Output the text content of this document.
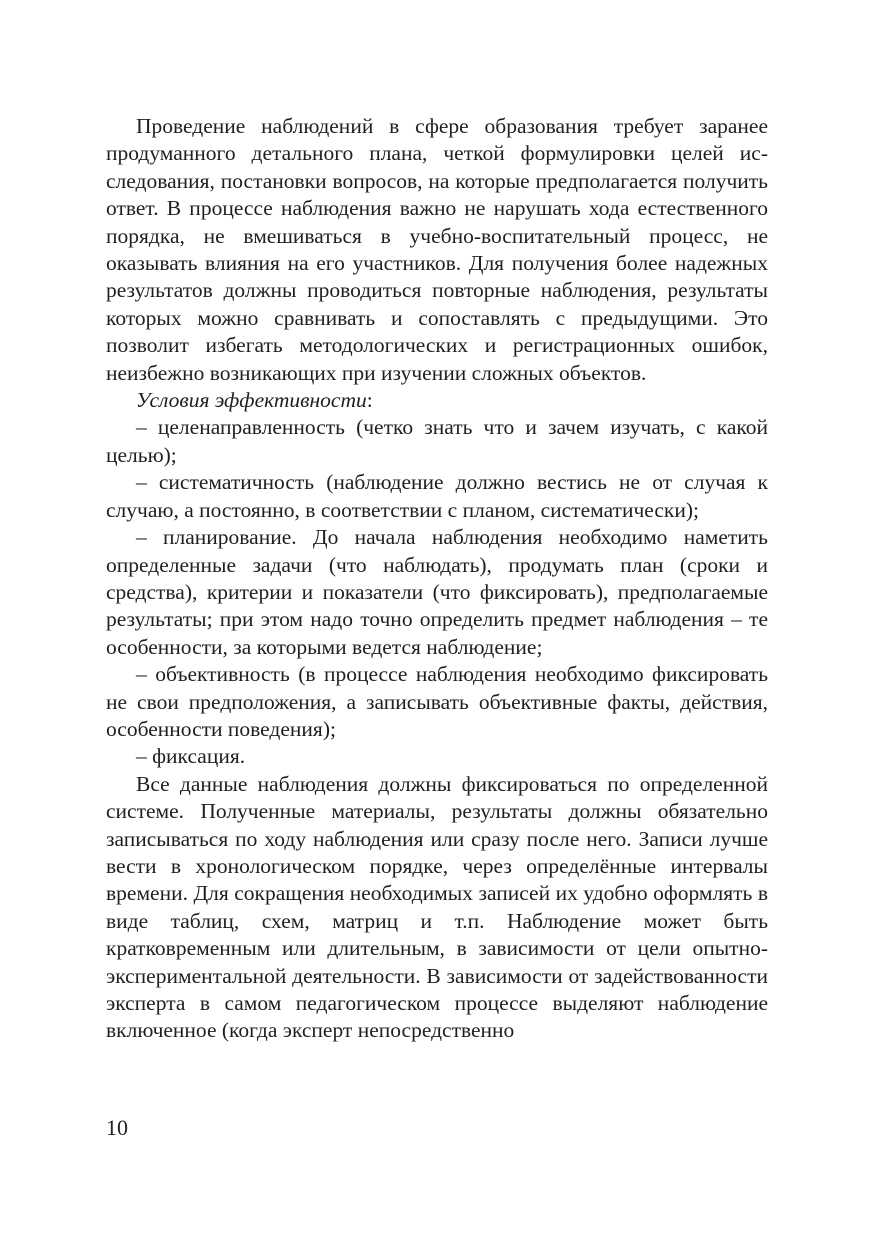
Проведение наблюдений в сфере образования требует заранее продуманного детального плана, четкой формулировки целей исследования, постановки вопросов, на которые предполагается получить ответ. В процессе наблюдения важно не нарушать хода естественного порядка, не вмешиваться в учебно-воспитательный процесс, не оказывать влияния на его участников. Для получения более надежных результатов должны проводиться повторные наблюдения, результаты которых можно сравнивать и сопоставлять с предыдущими. Это позволит избегать методологических и регистрационных ошибок, неизбежно возникающих при изучении сложных объектов.

Условия эффективности:

– целенаправленность (четко знать что и зачем изучать, с какой целью);

– систематичность (наблюдение должно вестись не от случая к случаю, а постоянно, в соответствии с планом, систематически);

– планирование. До начала наблюдения необходимо наметить определенные задачи (что наблюдать), продумать план (сроки и средства), критерии и показатели (что фиксировать), предполагаемые результаты; при этом надо точно определить предмет наблюдения – те особенности, за которыми ведется наблюдение;

– объективность (в процессе наблюдения необходимо фиксировать не свои предположения, а записывать объективные факты, действия, особенности поведения);

– фиксация.

Все данные наблюдения должны фиксироваться по определенной системе. Полученные материалы, результаты должны обязательно записываться по ходу наблюдения или сразу после него. Записи лучше вести в хронологическом порядке, через определённые интервалы времени. Для сокращения необходимых записей их удобно оформлять в виде таблиц, схем, матриц и т.п. Наблюдение может быть кратковременным или длительным, в зависимости от цели опытно-экспериментальной деятельности. В зависимости от задействованности эксперта в самом педагогическом процессе выделяют наблюдение включенное (когда эксперт непосредственно

10
